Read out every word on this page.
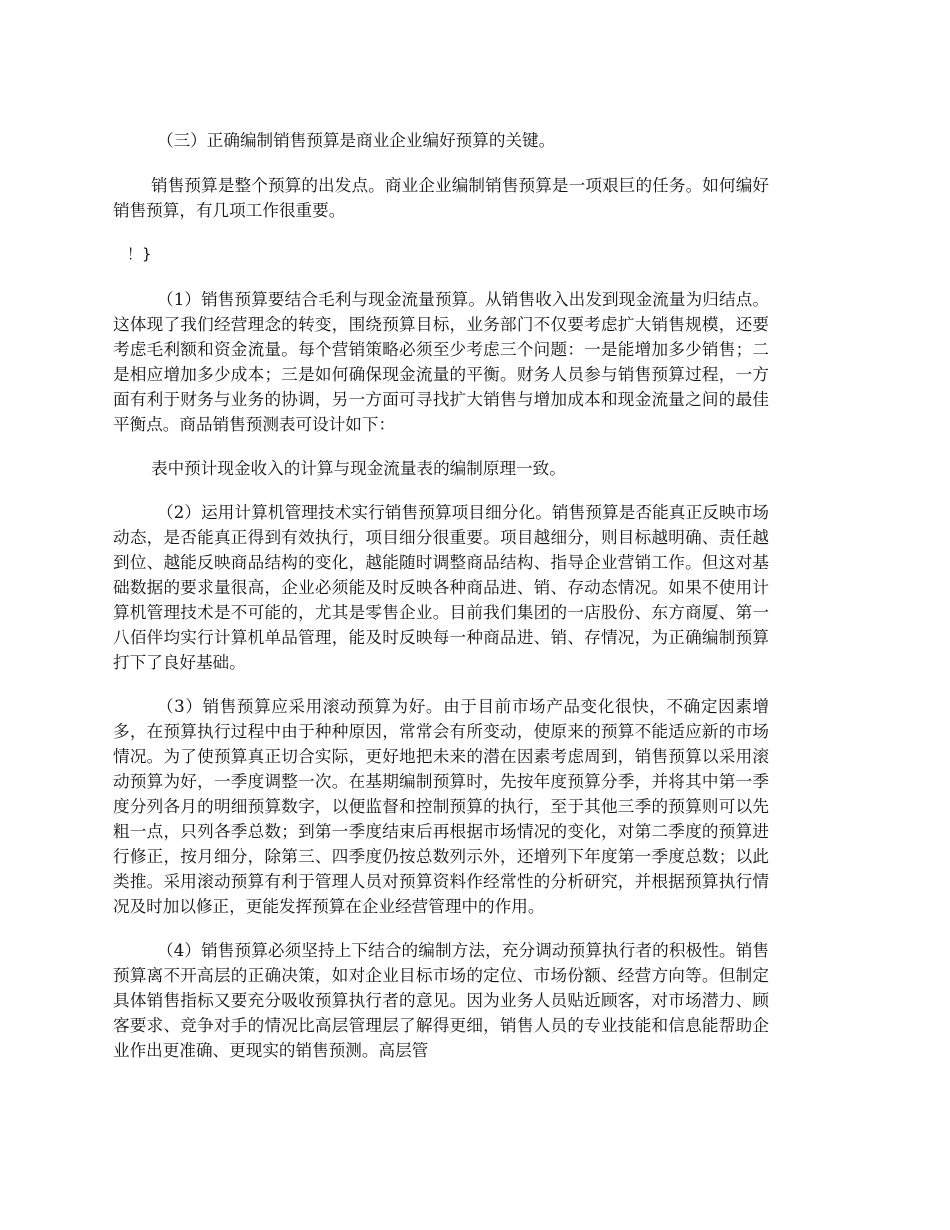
（三）正确编制销售预算是商业企业编好预算的关键。

销售预算是整个预算的出发点。商业企业编制销售预算是一项艰巨的任务。如何编好销售预算，有几项工作很重要。

！}

（1）销售预算要结合毛利与现金流量预算。从销售收入出发到现金流量为归结点。这体现了我们经营理念的转变，围绕预算目标，业务部门不仅要考虑扩大销售规模，还要考虑毛利额和资金流量。每个营销策略必须至少考虑三个问题：一是能增加多少销售；二是相应增加多少成本；三是如何确保现金流量的平衡。财务人员参与销售预算过程，一方面有利于财务与业务的协调，另一方面可寻找扩大销售与增加成本和现金流量之间的最佳平衡点。商品销售预测表可设计如下：

表中预计现金收入的计算与现金流量表的编制原理一致。

（2）运用计算机管理技术实行销售预算项目细分化。销售预算是否能真正反映市场动态，是否能真正得到有效执行，项目细分很重要。项目越细分，则目标越明确、责任越到位、越能反映商品结构的变化，越能随时调整商品结构、指导企业营销工作。但这对基础数据的要求量很高，企业必须能及时反映各种商品进、销、存动态情况。如果不使用计算机管理技术是不可能的，尤其是零售企业。目前我们集团的一店股份、东方商厦、第一八佰伴均实行计算机单品管理，能及时反映每一种商品进、销、存情况，为正确编制预算打下了良好基础。

（3）销售预算应采用滚动预算为好。由于目前市场产品变化很快，不确定因素增多，在预算执行过程中由于种种原因，常常会有所变动，使原来的预算不能适应新的市场情况。为了使预算真正切合实际，更好地把未来的潜在因素考虑周到，销售预算以采用滚动预算为好，一季度调整一次。在基期编制预算时，先按年度预算分季，并将其中第一季度分列各月的明细预算数字，以便监督和控制预算的执行，至于其他三季的预算则可以先粗一点，只列各季总数；到第一季度结束后再根据市场情况的变化，对第二季度的预算进行修正，按月细分，除第三、四季度仍按总数列示外，还增列下年度第一季度总数；以此类推。采用滚动预算有利于管理人员对预算资料作经常性的分析研究，并根据预算执行情况及时加以修正，更能发挥预算在企业经营管理中的作用。

（4）销售预算必须坚持上下结合的编制方法，充分调动预算执行者的积极性。销售预算离不开高层的正确决策，如对企业目标市场的定位、市场份额、经营方向等。但制定具体销售指标又要充分吸收预算执行者的意见。因为业务人员贴近顾客，对市场潜力、顾客要求、竞争对手的情况比高层管理层了解得更细，销售人员的专业技能和信息能帮助企业作出更准确、更现实的销售预测。高层管
